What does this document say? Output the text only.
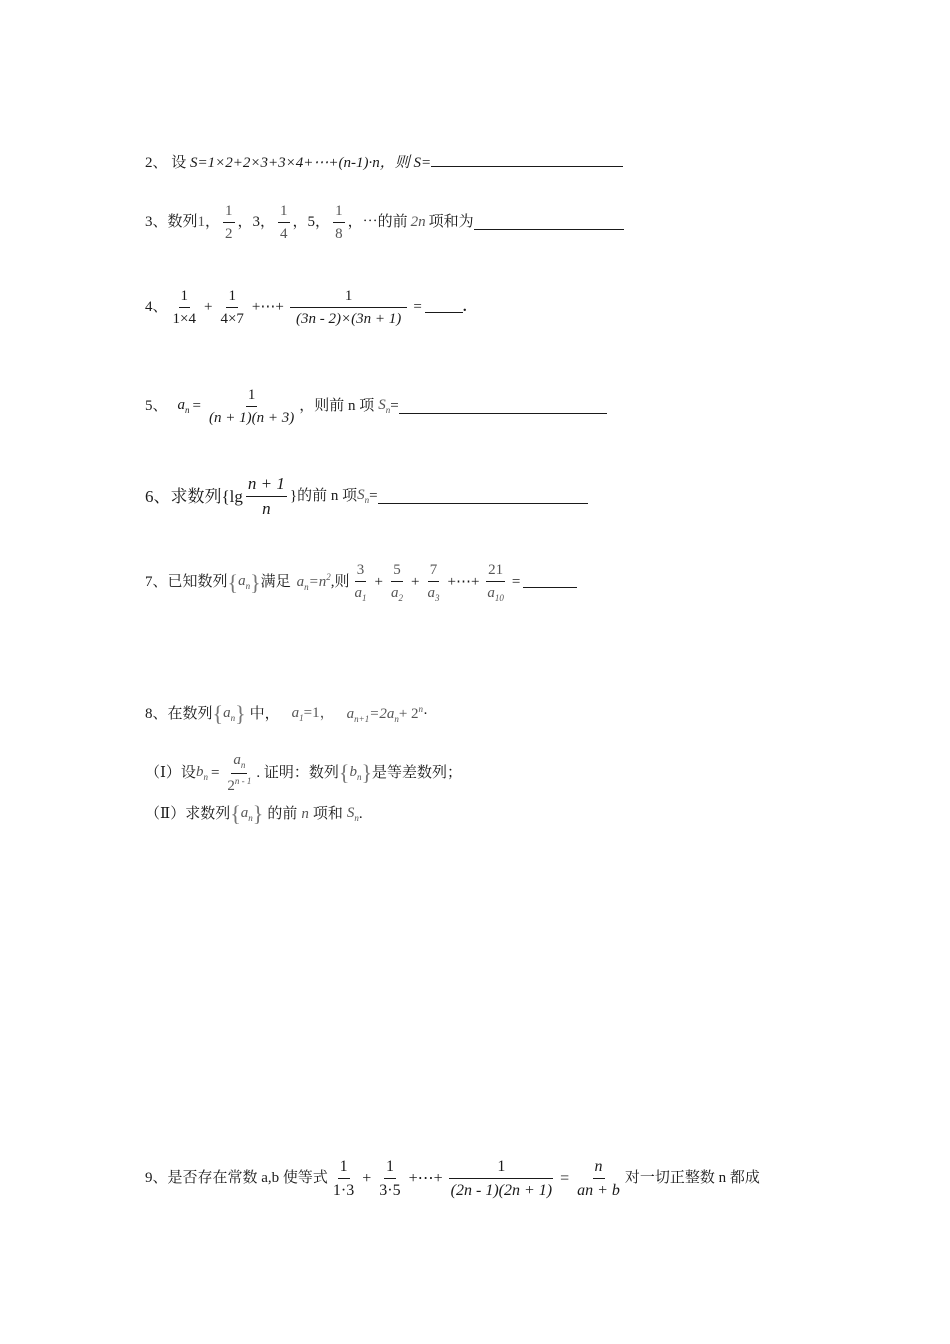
2、 设 S=1×2+2×3+3×4+⋯+(n-1)·n，则 S=
3、数列 1 ， $\frac{1}{2}$ ，3， $\frac{1}{4}$ ，5， $\frac{1}{8}$ ，⋯的前 2n 项和为
4、 $\frac{1}{1\times 4} + \frac{1}{4\times 7}$ +⋯+ $\frac{1}{(3n - 2)\times(3n + 1)}$ =	.
5、 $a_n = \frac{1}{(n + 1)(n + 3)}$ ，则前 n 项 $S_n$ =
6、求数列{$\lg \frac{n + 1}{n}$ }的前 n 项 $S_n$ =
7、已知数列 { $a_n$ } 满足 $a_n=n^2$ ,则 $\frac{3}{a_1} + \frac{5}{a_2} + \frac{7}{a_3}$ +⋯+ $\frac{21}{a_{10}}$ =
8、在数列 { $a_n$ } 中， $a_1=1$， $a_{n+1}=2a_n+ 2^n$ ·
（Ⅰ）设 $b_n = \frac{a_n}{2^{n - 1}}$ . 证明：数列 { $b_n$ } 是等差数列；
（Ⅱ）求数列 { $a_n$ } 的前 n 项和 $S_n$ .
9、是否存在常数 a,b 使等式 $\frac{1}{1\cdot 3} + \frac{1}{3\cdot 5}$ +⋯+ $\frac{1}{(2n - 1)(2n + 1)} = \frac{n}{an + b}$ 对一切正整数 n 都成
